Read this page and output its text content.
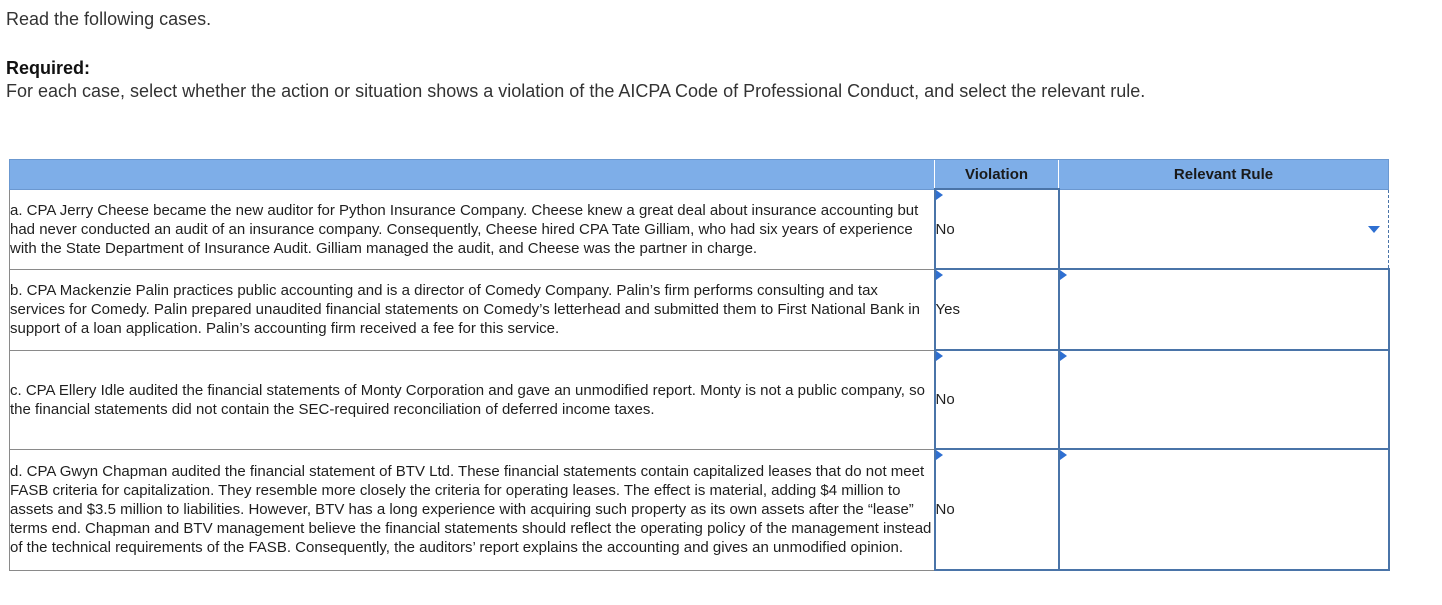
Read the following cases.
Required:
For each case, select whether the action or situation shows a violation of the AICPA Code of Professional Conduct, and select the relevant rule.
	Violation	Relevant Rule
a. CPA Jerry Cheese became the new auditor for Python Insurance Company. Cheese knew a great deal about insurance accounting but had never conducted an audit of an insurance company. Consequently, Cheese hired CPA Tate Gilliam, who had six years of experience with the State Department of Insurance Audit. Gilliam managed the audit, and Cheese was the partner in charge.	No	

b. CPA Mackenzie Palin practices public accounting and is a director of Comedy Company. Palin’s firm performs consulting and tax services for Comedy. Palin prepared unaudited financial statements on Comedy’s letterhead and submitted them to First National Bank in support of a loan application. Palin’s accounting firm received a fee for this service.	Yes	

c. CPA Ellery Idle audited the financial statements of Monty Corporation and gave an unmodified report. Monty is not a public company, so the financial statements did not contain the SEC-required reconciliation of deferred income taxes.	No	

d. CPA Gwyn Chapman audited the financial statement of BTV Ltd. These financial statements contain capitalized leases that do not meet FASB criteria for capitalization. They resemble more closely the criteria for operating leases. The effect is material, adding $4 million to assets and $3.5 million to liabilities. However, BTV has a long experience with acquiring such property as its own assets after the “lease” terms end. Chapman and BTV management believe the financial statements should reflect the operating policy of the management instead of the technical requirements of the FASB. Consequently, the auditors’ report explains the accounting and gives an unmodified opinion.	No	
